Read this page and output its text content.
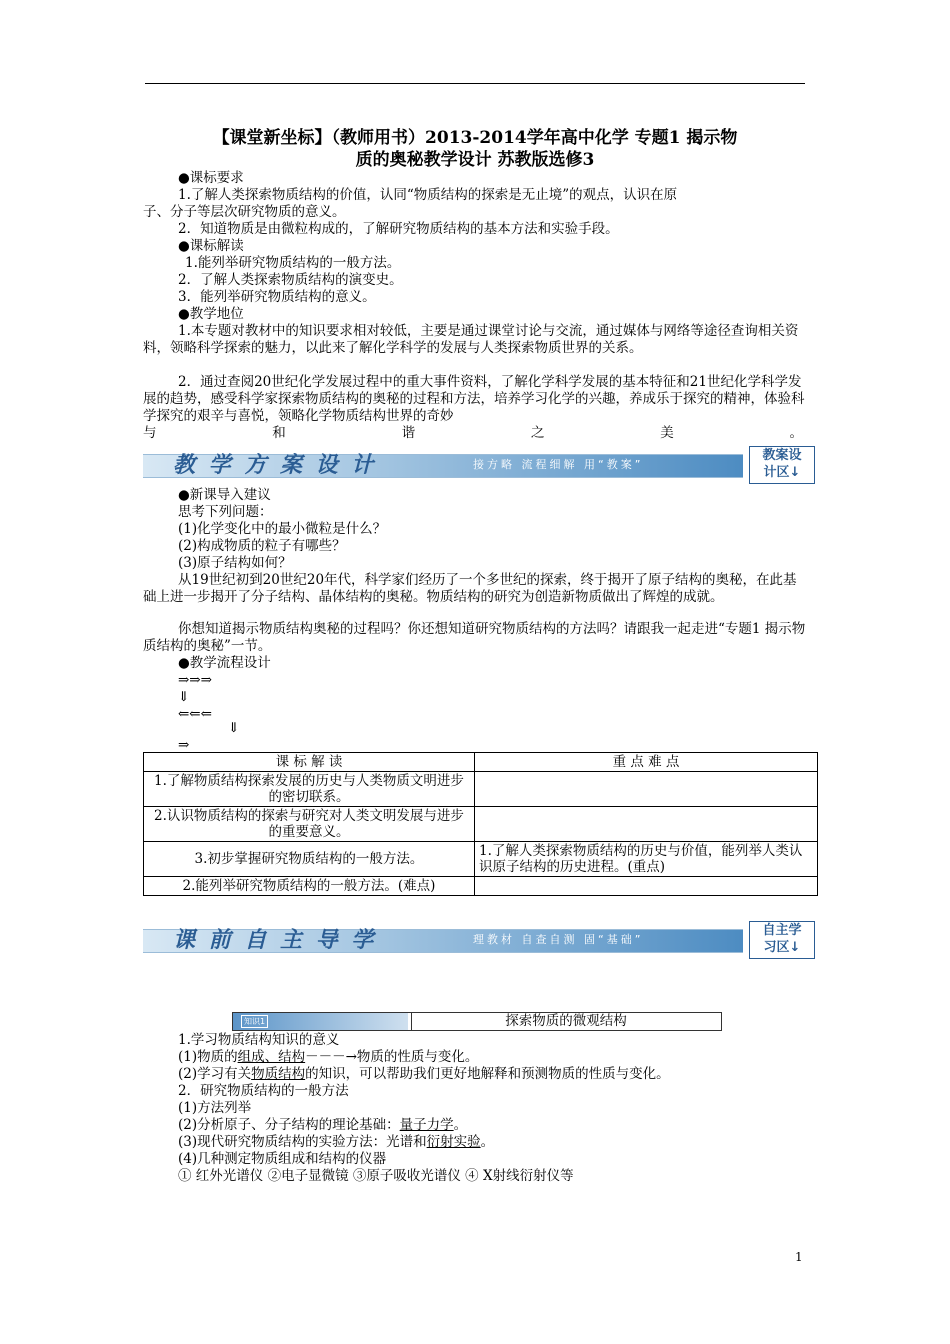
【课堂新坐标】（教师用书）2013-2014学年高中化学 专题1 揭示物
质的奥秘教学设计 苏教版选修3
●课标要求
1.了解人类探索物质结构的价值，认同“物质结构的探索是无止境”的观点，认识在原
子、分子等层次研究物质的意义。
2．知道物质是由微粒构成的，了解研究物质结构的基本方法和实验手段。
●课标解读
1.能列举研究物质结构的一般方法。
2．了解人类探索物质结构的演变史。
3．能列举研究物质结构的意义。
●教学地位
1.本专题对教材中的知识要求相对较低，主要是通过课堂讨论与交流，通过媒体与网络等途径查询相关资料，领略科学探索的魅力，以此来了解化学科学的发展与人类探索物质世界的关系。
2．通过查阅20世纪化学发展过程中的重大事件资料，了解化学科学发展的基本特征和21世纪化学科学发展的趋势，感受科学家探索物质结构的奥秘的过程和方法，培养学习化学的兴趣，养成乐于探究的精神，体验科学探究的艰辛与喜悦，领略化学物质结构世界的奇妙
与和谐之美。
教 学 方 案 设 计	接方略 流程细解 用“教案”
教案设
计区↓
●新课导入建议
思考下列问题：
(1)化学变化中的最小微粒是什么？
(2)构成物质的粒子有哪些？
(3)原子结构如何？
从19世纪初到20世纪20年代，科学家们经历了一个多世纪的探索，终于揭开了原子结构的奥秘，在此基础上进一步揭开了分子结构、晶体结构的奥秘。物质结构的研究为创造新物质做出了辉煌的成就。
你想知道揭示物质结构奥秘的过程吗？你还想知道研究物质结构的方法吗？请跟我一起走进“专题1 揭示物质结构的奥秘”一节。
●教学流程设计
⇒⇒⇒
⇓
⇐⇐⇐
⇓
⇒
课 标 解 读	重 点 难 点
1.了解物质结构探索发展的历史与人类物质文明进步的密切联系。	
2.认识物质结构的探索与研究对人类文明发展与进步的重要意义。	
3.初步掌握研究物质结构的一般方法。	1.了解人类探索物质结构的历史与价值，能列举人类认识原子结构的历史进程。(重点)
2.能列举研究物质结构的一般方法。(难点)	
课 前 自 主 导 学	理教材 自查自测 固“基础”
自主学
习区↓
知识1	探索物质的微观结构
1.学习物质结构知识的意义
(1)物质的组成、结构－－－→物质的性质与变化。
(2)学习有关物质结构的知识，可以帮助我们更好地解释和预测物质的性质与变化。
2．研究物质结构的一般方法
(1)方法列举
(2)分析原子、分子结构的理论基础：量子力学。
(3)现代研究物质结构的实验方法：光谱和衍射实验。
(4)几种测定物质组成和结构的仪器
① 红外光谱仪 ②电子显微镜 ③原子吸收光谱仪 ④ X射线衍射仪等
1
